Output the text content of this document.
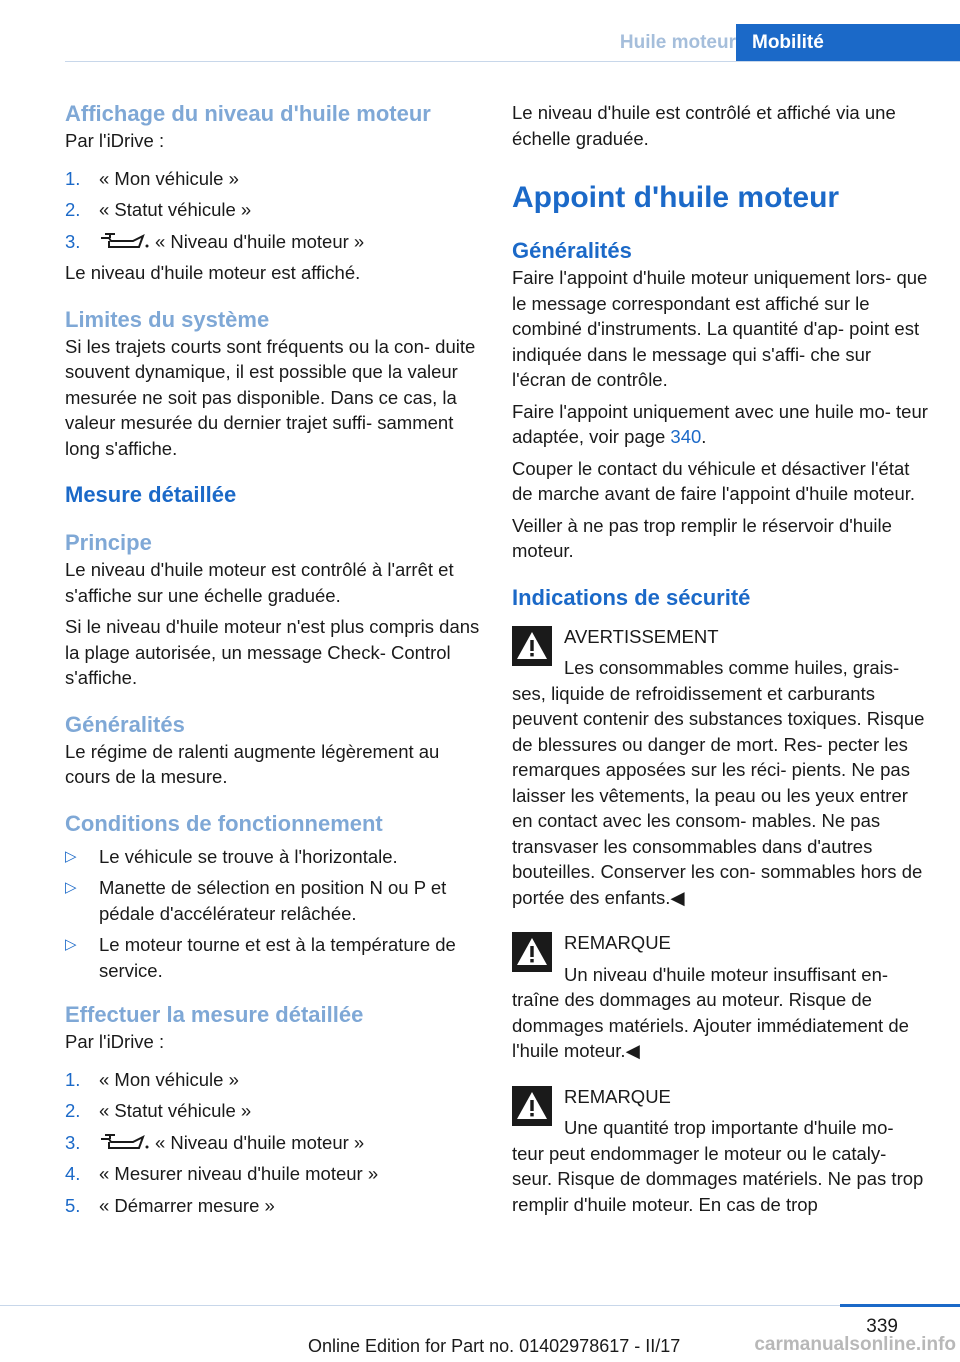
Huile moteur Mobilité
Affichage du niveau d'huile moteur

Par l'iDrive :

1. « Mon véhicule »
2. « Statut véhicule »
3.	« Niveau d'huile moteur »

Le niveau d'huile moteur est affiché.

Limites du système

Si les trajets courts sont fréquents ou la con‐ duite souvent dynamique, il est possible que la valeur mesurée ne soit pas disponible. Dans ce cas, la valeur mesurée du dernier trajet suffi‐ samment long s'affiche.

Mesure détaillée
Principe

Le niveau d'huile moteur est contrôlé à l'arrêt et s'affiche sur une échelle graduée.

Si le niveau d'huile moteur n'est plus compris dans la plage autorisée, un message Check- Control s'affiche.

Généralités

Le régime de ralenti augmente légèrement au cours de la mesure.

Conditions de fonctionnement
▷ Le véhicule se trouve à l'horizontale.
▷ Manette de sélection en position N ou P et pédale d'accélérateur relâchée.
▷ Le moteur tourne et est à la température de service.
Effectuer la mesure détaillée

Par l'iDrive :

1. « Mon véhicule »
2. « Statut véhicule »
3.	« Niveau d'huile moteur »
4. « Mesurer niveau d'huile moteur »
5. « Démarrer mesure »

Le niveau d'huile est contrôlé et affiché via une échelle graduée.

Appoint d'huile moteur
Généralités

Faire l'appoint d'huile moteur uniquement lors- que le message correspondant est affiché sur le combiné d'instruments. La quantité d'ap‐ point est indiquée dans le message qui s'affi‐ che sur l'écran de contrôle.

Faire l'appoint uniquement avec une huile mo‐ teur adaptée, voir page 340.

Couper le contact du véhicule et désactiver l'état de marche avant de faire l'appoint d'huile moteur.

Veiller à ne pas trop remplir le réservoir d'huile moteur.

Indications de sécurité

AVERTISSEMENT

Les consommables comme huiles, grais‐

ses, liquide de refroidissement et carburants peuvent contenir des substances toxiques. Risque de blessures ou danger de mort. Res‐ pecter les remarques apposées sur les réci‐ pients. Ne pas laisser les vêtements, la peau ou les yeux entrer en contact avec les consom‐ mables. Ne pas transvaser les consommables dans d'autres bouteilles. Conserver les con‐ sommables hors de portée des enfants.◀

REMARQUE

Un niveau d'huile moteur insuffisant en‐

traîne des dommages au moteur. Risque de dommages matériels. Ajouter immédiatement de l'huile moteur.◀

REMARQUE

Une quantité trop importante d'huile mo‐

teur peut endommager le moteur ou le cataly‐ seur. Risque de dommages matériels. Ne pas trop remplir d'huile moteur. En cas de trop

339
Online Edition for Part no. 01402978617 - II/17	carmanualsonline.info
